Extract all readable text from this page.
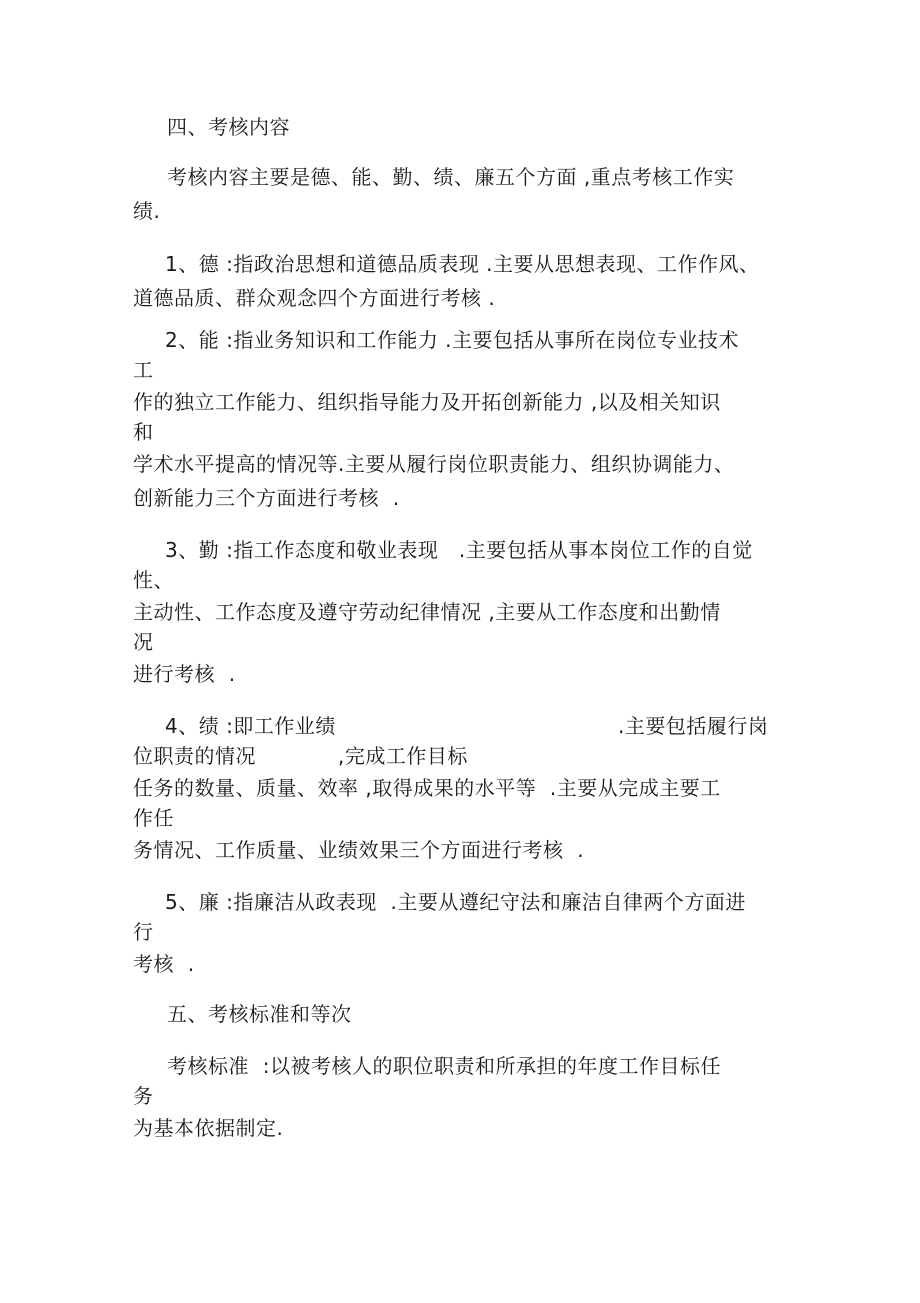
四、考核内容
考核内容主要是德、能、勤、绩、廉五个方面 ,重点考核工作实
绩.
1、德 :指政治思想和道德品质表现 .主要从思想表现、工作作风、
道德品质、群众观念四个方面进行考核 .
2、能 :指业务知识和工作能力 .主要包括从事所在岗位专业技术
工
作的独立工作能力、组织指导能力及开拓创新能力 ,以及相关知识
和
学术水平提高的情况等.主要从履行岗位职责能力、组织协调能力、
创新能力三个方面进行考核  .
3、勤 :指工作态度和敬业表现   .主要包括从事本岗位工作的自觉
性、
主动性、工作态度及遵守劳动纪律情况 ,主要从工作态度和出勤情
况
进行考核  .
4、绩 :即工作业绩	.主要包括履行岗
位职责的情况	,完成工作目标
任务的数量、质量、效率 ,取得成果的水平等  .主要从完成主要工
作任
务情况、工作质量、业绩效果三个方面进行考核  .
5、廉 :指廉洁从政表现  .主要从遵纪守法和廉洁自律两个方面进
行
考核  .
五、考核标准和等次
考核标准  :以被考核人的职位职责和所承担的年度工作目标任
务
为基本依据制定.
